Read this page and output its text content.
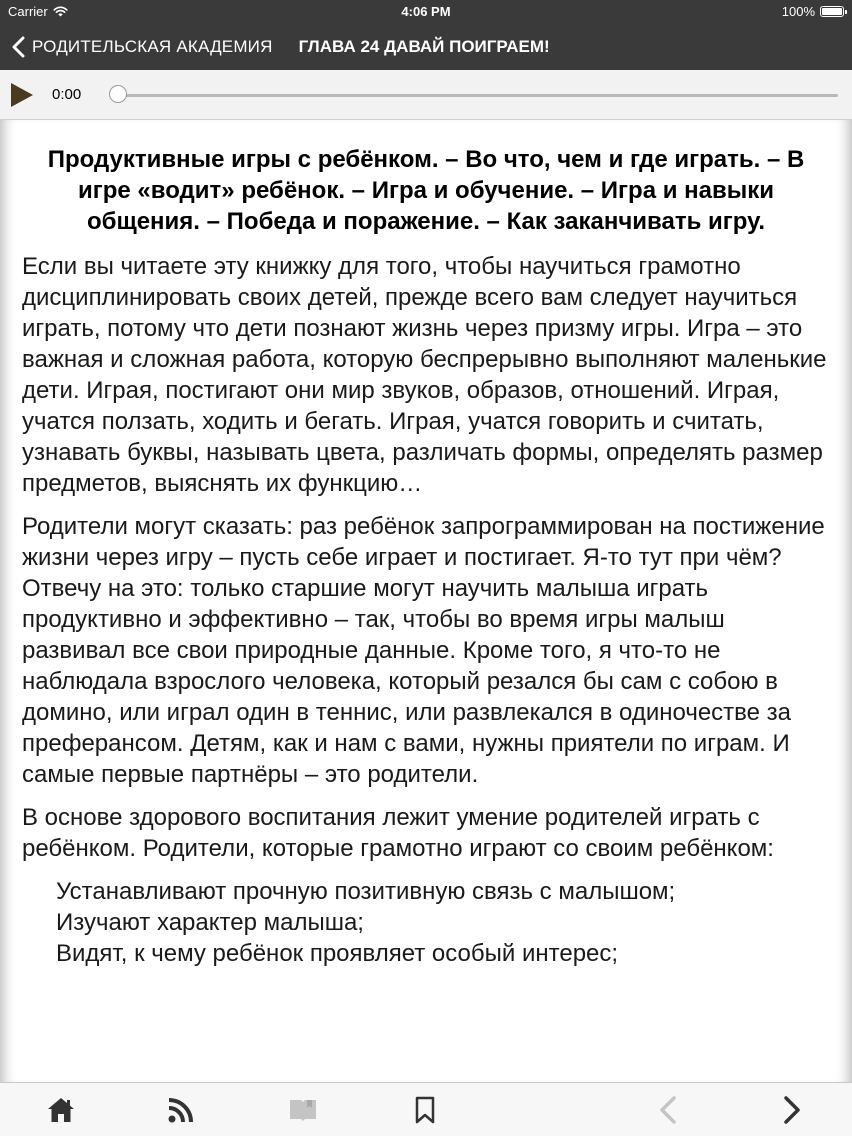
Carrier	4:06 PM	100%
РОДИТЕЛЬСКАЯ АКАДЕМИЯ ГЛАВА 24 ДАВАЙ ПОИГРАЕМ!
0:00
Продуктивные игры с ребёнком. – Во что, чем и где играть. – В игре «водит» ребёнок. – Игра и обучение. – Игра и навыки общения. – Победа и поражение. – Как заканчивать игру.

Если вы читаете эту книжку для того, чтобы научиться грамотно дисциплинировать своих детей, прежде всего вам следует научиться играть, потому что дети познают жизнь через призму игры. Игра – это важная и сложная работа, которую беспрерывно выполняют маленькие дети. Играя, постигают они мир звуков, образов, отношений. Играя, учатся ползать, ходить и бегать. Играя, учатся говорить и считать, узнавать буквы, называть цвета, различать формы, определять размер предметов, выяснять их функцию…

Родители могут сказать: раз ребёнок запрограммирован на постижение жизни через игру – пусть себе играет и постигает. Я-то тут при чём? Отвечу на это: только старшие могут научить малыша играть продуктивно и эффективно – так, чтобы во время игры малыш развивал все свои природные данные. Кроме того, я что-то не наблюдала взрослого человека, который резался бы сам с собою в домино, или играл один в теннис, или развлекался в одиночестве за преферансом. Детям, как и нам с вами, нужны приятели по играм. И самые первые партнёры – это родители.

В основе здорового воспитания лежит умение родителей играть с ребёнком. Родители, которые грамотно играют со своим ребёнком:

Устанавливают прочную позитивную связь с малышом;
Изучают характер малыша;
Видят, к чему ребёнок проявляет особый интерес;
